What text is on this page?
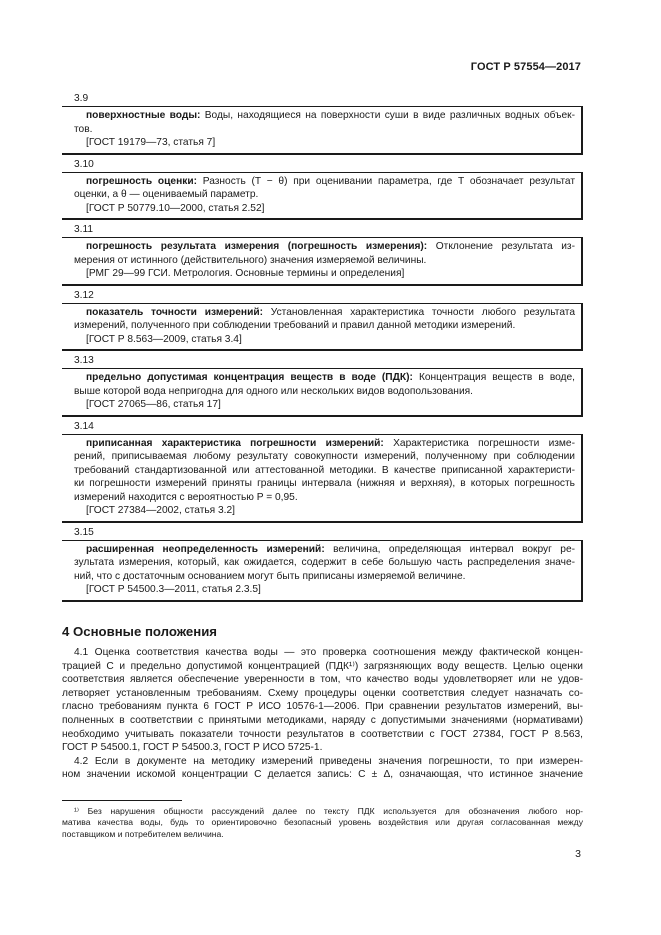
ГОСТ Р 57554—2017
3.9
поверхностные воды: Воды, находящиеся на поверхности суши в виде различных водных объек-
тов.
[ГОСТ 19179—73, статья 7]
3.10
погрешность оценки: Разность (T − θ) при оценивании параметра, где T обозначает результат
оценки, а θ — оцениваемый параметр.
[ГОСТ Р 50779.10—2000, статья 2.52]
3.11
погрешность результата измерения (погрешность измерения): Отклонение результата из-
мерения от истинного (действительного) значения измеряемой величины.
[РМГ 29—99 ГСИ. Метрология. Основные термины и определения]
3.12
показатель точности измерений: Установленная характеристика точности любого результата
измерений, полученного при соблюдении требований и правил данной методики измерений.
[ГОСТ Р 8.563—2009, статья 3.4]
3.13
предельно допустимая концентрация веществ в воде (ПДК): Концентрация веществ в воде,
выше которой вода непригодна для одного или нескольких видов водопользования.
[ГОСТ 27065—86, статья 17]
3.14
приписанная характеристика погрешности измерений: Характеристика погрешности изме-
рений, приписываемая любому результату совокупности измерений, полученному при соблюдении
требований стандартизованной или аттестованной методики. В качестве приписанной характеристи-
ки погрешности измерений приняты границы интервала (нижняя и верхняя), в которых погрешность
измерений находится с вероятностью P = 0,95.
[ГОСТ 27384—2002, статья 3.2]
3.15
расширенная неопределенность измерений: величина, определяющая интервал вокруг ре-
зультата измерения, который, как ожидается, содержит в себе большую часть распределения значе-
ний, что с достаточным основанием могут быть приписаны измеряемой величине.
[ГОСТ Р 54500.3—2011, статья 2.3.5]
4 Основные положения

4.1 Оценка соответствия качества воды — это проверка соотношения между фактической концен-
трацией C и предельно допустимой концентрацией (ПДК¹⁾) загрязняющих воду веществ. Целью оценки
соответствия является обеспечение уверенности в том, что качество воды удовлетворяет или не удов-
летворяет установленным требованиям. Схему процедуры оценки соответствия следует назначать со-
гласно требованиям пункта 6 ГОСТ Р ИСО 10576-1—2006. При сравнении результатов измерений, вы-
полненных в соответствии с принятыми методиками, наряду с допустимыми значениями (нормативами)
необходимо учитывать показатели точности результатов в соответствии с ГОСТ 27384, ГОСТ Р 8.563,
ГОСТ Р 54500.1, ГОСТ Р 54500.3, ГОСТ Р ИСО 5725-1.

4.2 Если в документе на методику измерений приведены значения погрешности, то при измерен-
ном значении искомой концентрации C делается запись: C ± Δ, означающая, что истинное значение

¹⁾ Без нарушения общности рассуждений далее по тексту ПДК используется для обозначения любого нор-
матива качества воды, будь то ориентировочно безопасный уровень воздействия или другая согласованная между
поставщиком и потребителем величина.
3
